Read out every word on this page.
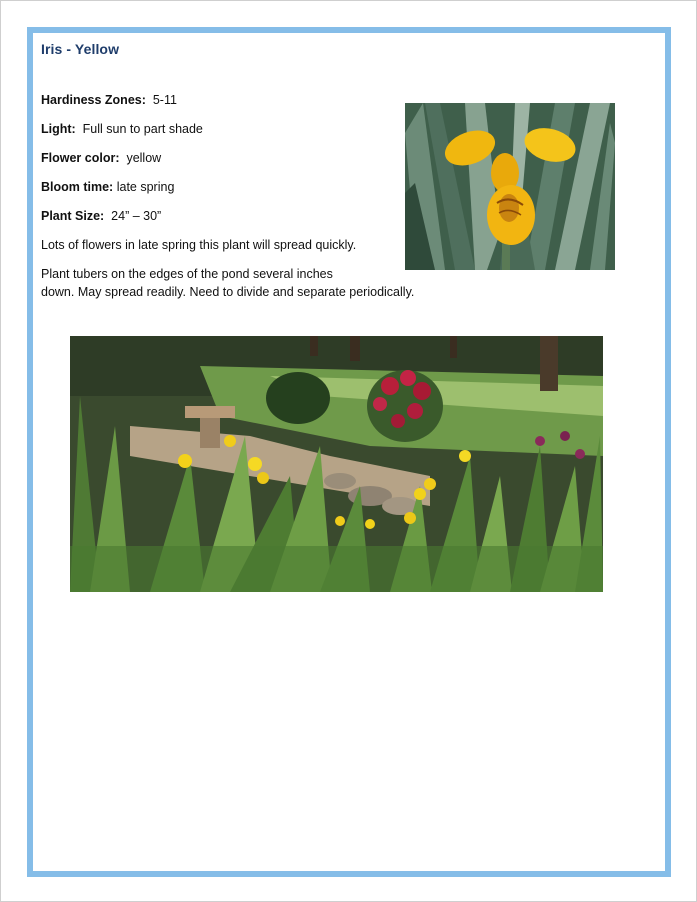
Iris - Yellow
Hardiness Zones: 5-11
Light: Full sun to part shade
Flower color: yellow
Bloom time: late spring
Plant Size: 24” – 30”
Lots of flowers in late spring this plant will spread quickly.
Plant tubers on the edges of the pond several inches
down. May spread readily. Need to divide and separate periodically.
